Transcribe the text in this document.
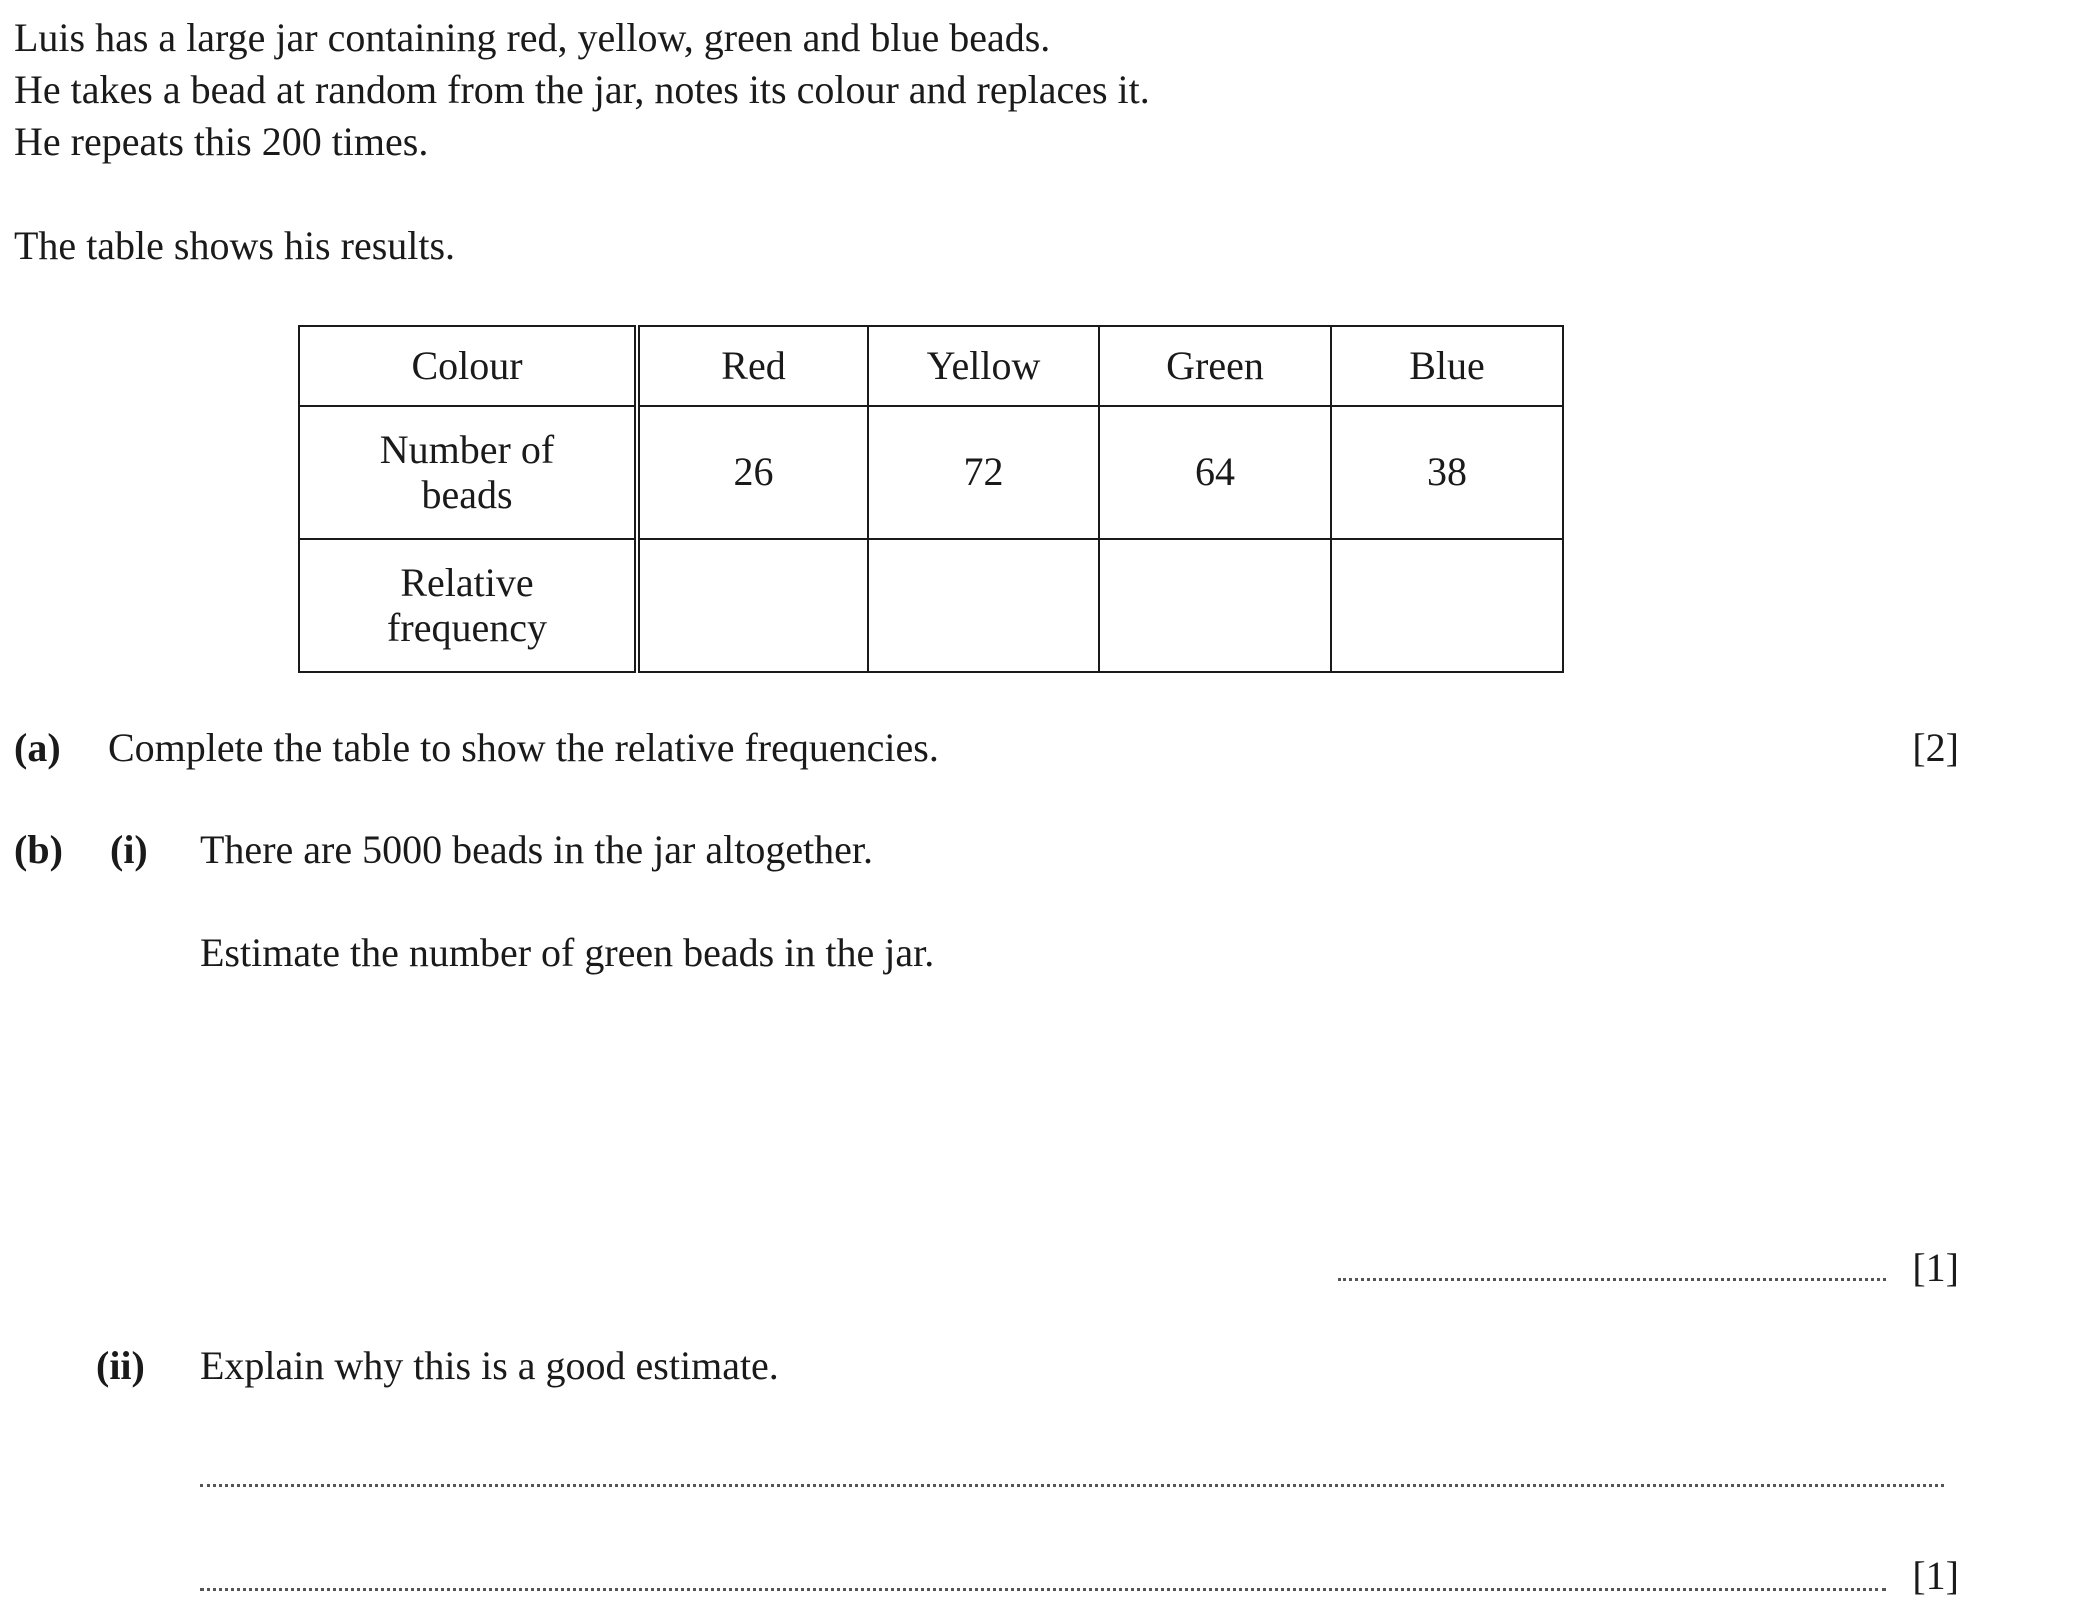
Luis has a large jar containing red, yellow, green and blue beads.
He takes a bead at random from the jar, notes its colour and replaces it.
He repeats this 200 times.
The table shows his results.
Colour	Red	Yellow	Green	Blue

Number of beads	26	72	64	38

Relative frequency				

(a) Complete the table to show the relative frequencies.	[2]
(b) (i) There are 5000 beads in the jar altogether.
Estimate the number of green beads in the jar.
[1]
(ii) Explain why this is a good estimate.
[1]
